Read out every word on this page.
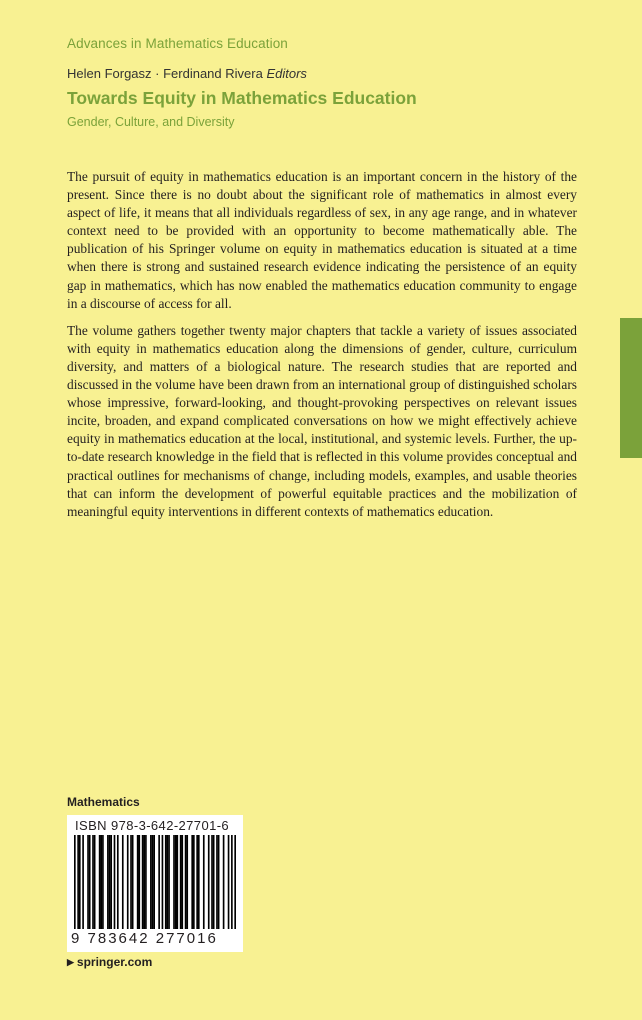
Advances in Mathematics Education
Helen Forgasz · Ferdinand Rivera Editors
Towards Equity in Mathematics Education
Gender, Culture, and Diversity

The pursuit of equity in mathematics education is an important concern in the history of the present. Since there is no doubt about the significant role of mathematics in almost every aspect of life, it means that all individuals regardless of sex, in any age range, and in whatever context need to be provided with an opportunity to become mathematically able. The publication of his Springer volume on equity in mathematics education is situated at a time when there is strong and sustained research evidence indicating the persistence of an equity gap in mathematics, which has now enabled the mathematics education community to engage in a discourse of access for all.

The volume gathers together twenty major chapters that tackle a variety of issues associated with equity in mathematics education along the dimensions of gender, culture, curriculum diversity, and matters of a biological nature. The research studies that are reported and discussed in the volume have been drawn from an international group of distinguished scholars whose impressive, forward-looking, and thought-provoking perspectives on relevant issues incite, broaden, and expand complicated conversations on how we might effectively achieve equity in mathematics education at the local, institutional, and systemic levels. Further, the up-to-date research knowledge in the field that is reflected in this volume provides conceptual and practical outlines for mechanisms of change, including models, examples, and usable theories that can inform the development of powerful equitable practices and the mobilization of meaningful equity interventions in different contexts of mathematics education.

Mathematics
ISBN 978-3-642-27701-6
9 783642 277016
▶ springer.com
